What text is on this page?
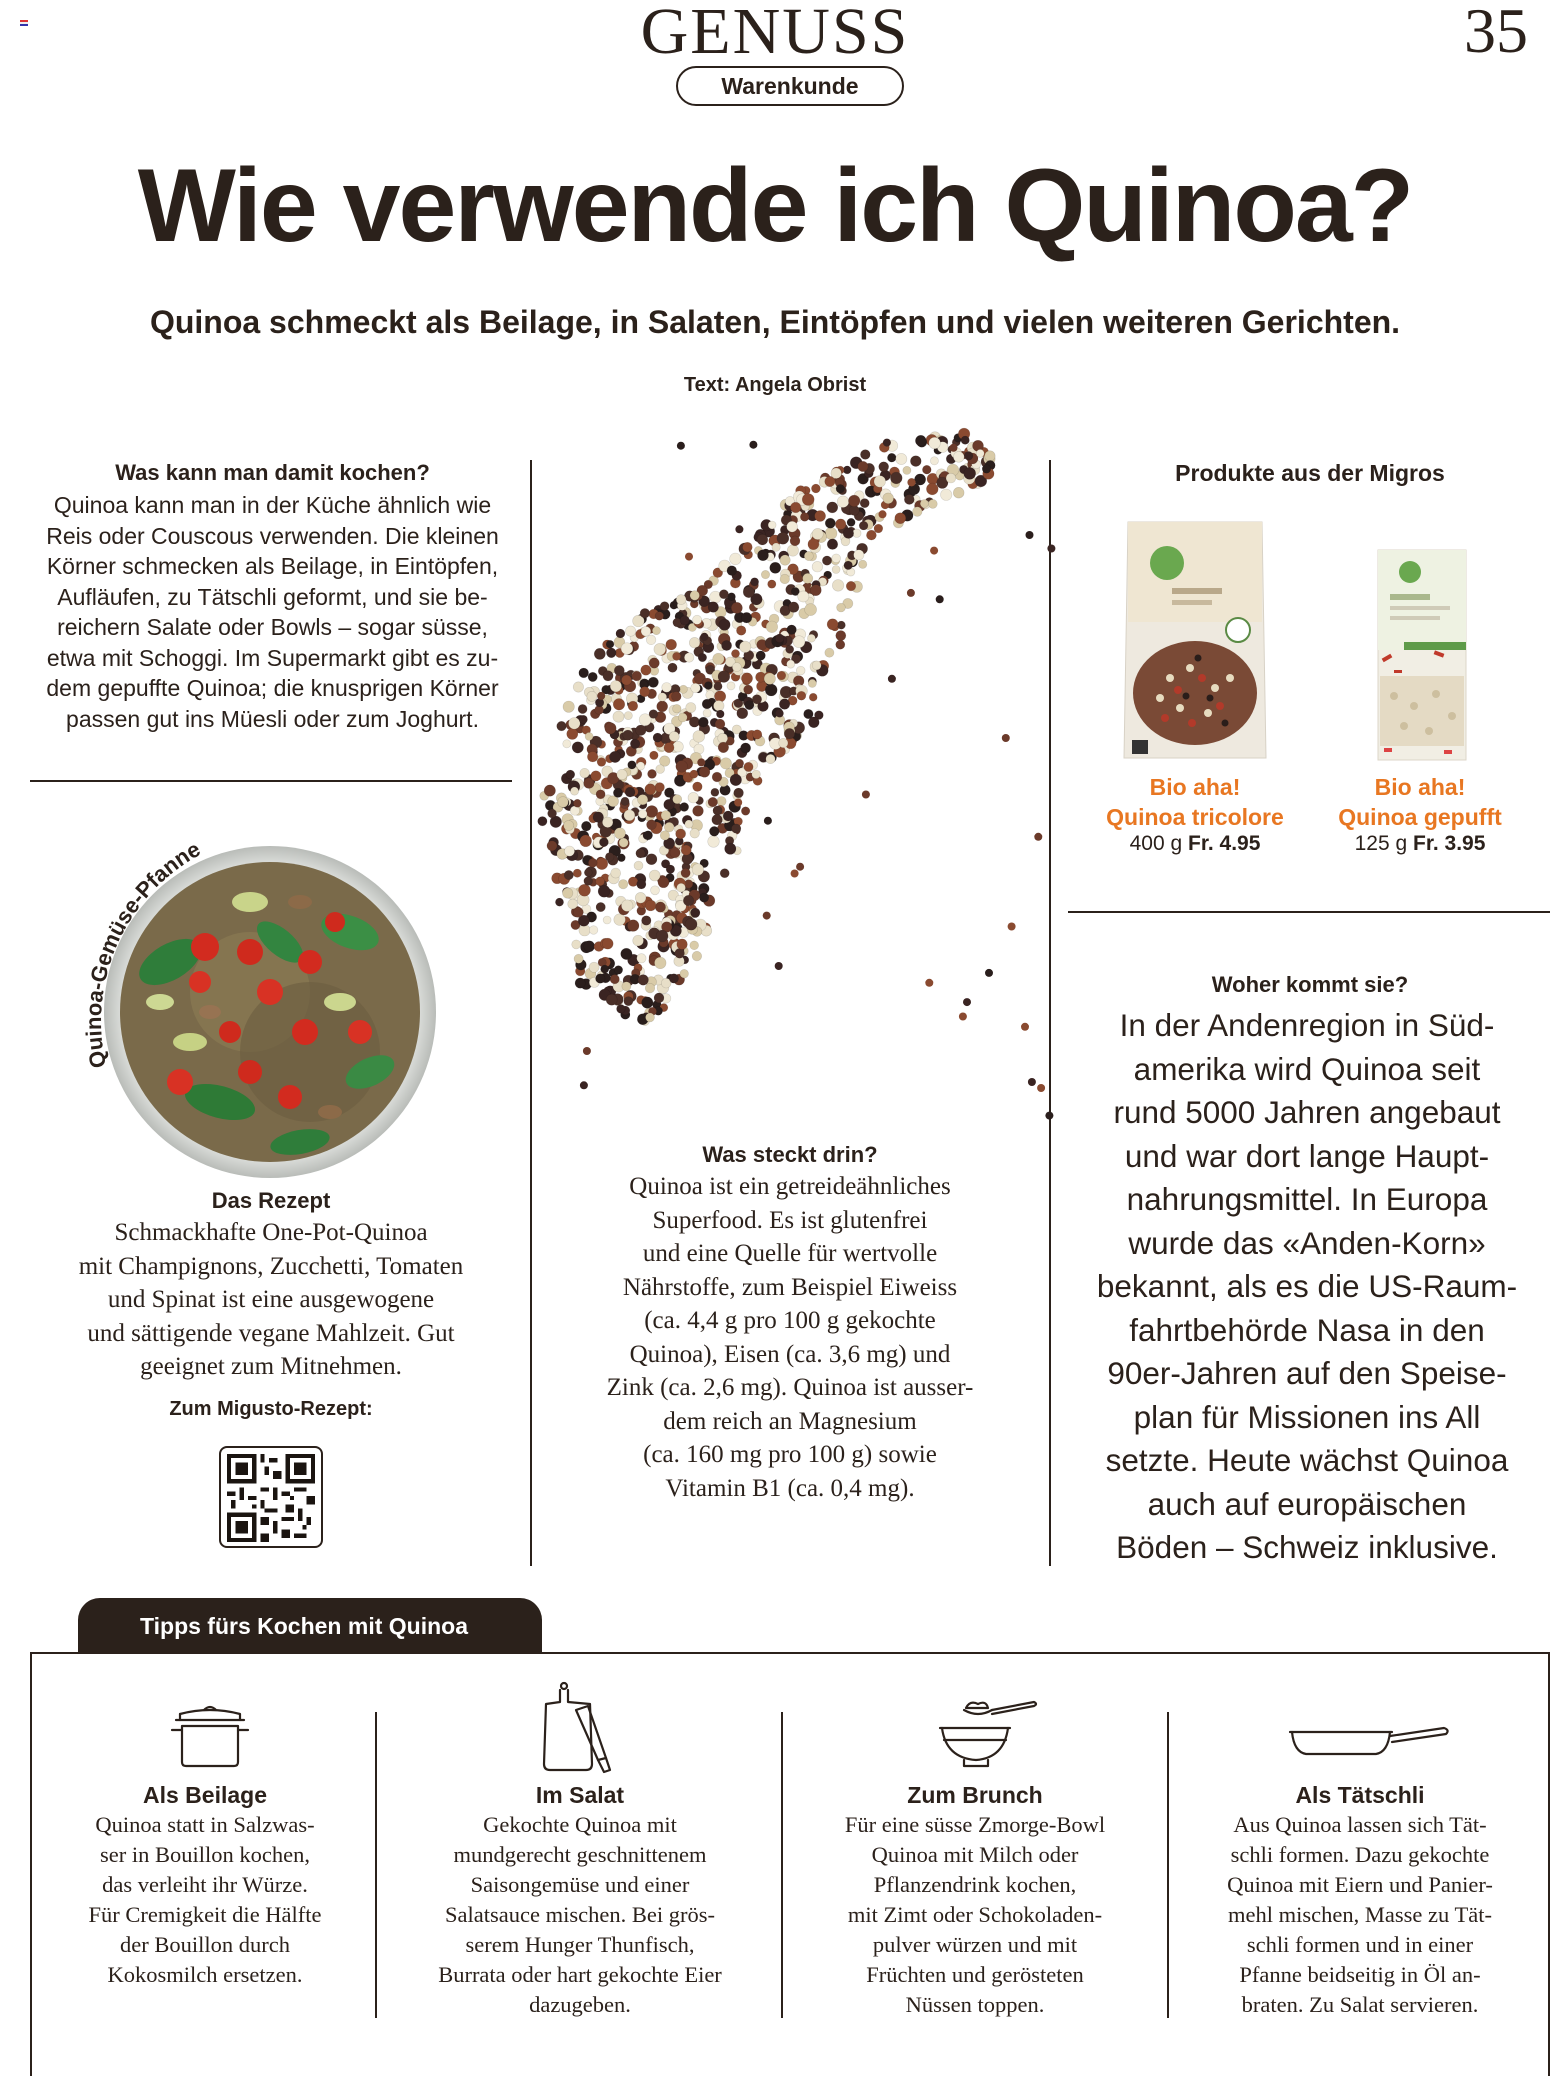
GENUSS	35
Warenkunde
Wie verwende ich Quinoa?
Quinoa schmeckt als Beilage, in Salaten, Eintöpfen und vielen weiteren Gerichten.
Text: Angela Obrist
Was kann man damit kochen?
Quinoa kann man in der Küche ähnlich wie
Reis oder Couscous verwenden. Die kleinen
Körner schmecken als Beilage, in Eintöpfen,
Aufläufen, zu Tätschli geformt, und sie be-
reichern Salate oder Bowls – sogar süsse,
etwa mit Schoggi. Im Supermarkt gibt es zu-
dem gepuffte Quinoa; die knusprigen Körner
passen gut ins Müesli oder zum Joghurt.
Quinoa-Gemüse-Pfanne
Das Rezept
Schmackhafte One-Pot-Quinoa
mit Champignons, Zucchetti, Tomaten
und Spinat ist eine ausgewogene
und sättigende vegane Mahlzeit. Gut
geeignet zum Mitnehmen.
Zum Migusto-Rezept:
Was steckt drin?
Quinoa ist ein getreideähnliches
Superfood. Es ist glutenfrei
und eine Quelle für wertvolle
Nährstoffe, zum Beispiel Eiweiss
(ca. 4,4 g pro 100 g gekochte
Quinoa), Eisen (ca. 3,6 mg) und
Zink (ca. 2,6 mg). Quinoa ist ausser-
dem reich an Magnesium
(ca. 160 mg pro 100 g) sowie
Vitamin B1 (ca. 0,4 mg).
Produkte aus der Migros
Bio aha!
Quinoa tricolore
400 g Fr. 4.95
Bio aha!
Quinoa gepufft
125 g Fr. 3.95
Woher kommt sie?
In der Andenregion in Süd-
amerika wird Quinoa seit
rund 5000 Jahren angebaut
und war dort lange Haupt-
nahrungsmittel. In Europa
wurde das «Anden-Korn»
bekannt, als es die US-Raum-
fahrtbehörde Nasa in den
90er-Jahren auf den Speise-
plan für Missionen ins All
setzte. Heute wächst Quinoa
auch auf europäischen
Böden – Schweiz inklusive.
Tipps fürs Kochen mit Quinoa
Als Beilage
Quinoa statt in Salzwas-
ser in Bouillon kochen,
das verleiht ihr Würze.
Für Cremigkeit die Hälfte
der Bouillon durch
Kokosmilch ersetzen.
Im Salat
Gekochte Quinoa mit
mundgerecht geschnittenem
Saisongemüse und einer
Salatsauce mischen. Bei grös-
serem Hunger Thunfisch,
Burrata oder hart gekochte Eier
dazugeben.
Zum Brunch
Für eine süsse Zmorge-Bowl
Quinoa mit Milch oder
Pflanzendrink kochen,
mit Zimt oder Schokoladen-
pulver würzen und mit
Früchten und gerösteten
Nüssen toppen.
Als Tätschli
Aus Quinoa lassen sich Tät-
schli formen. Dazu gekochte
Quinoa mit Eiern und Panier-
mehl mischen, Masse zu Tät-
schli formen und in einer
Pfanne beidseitig in Öl an-
braten. Zu Salat servieren.
